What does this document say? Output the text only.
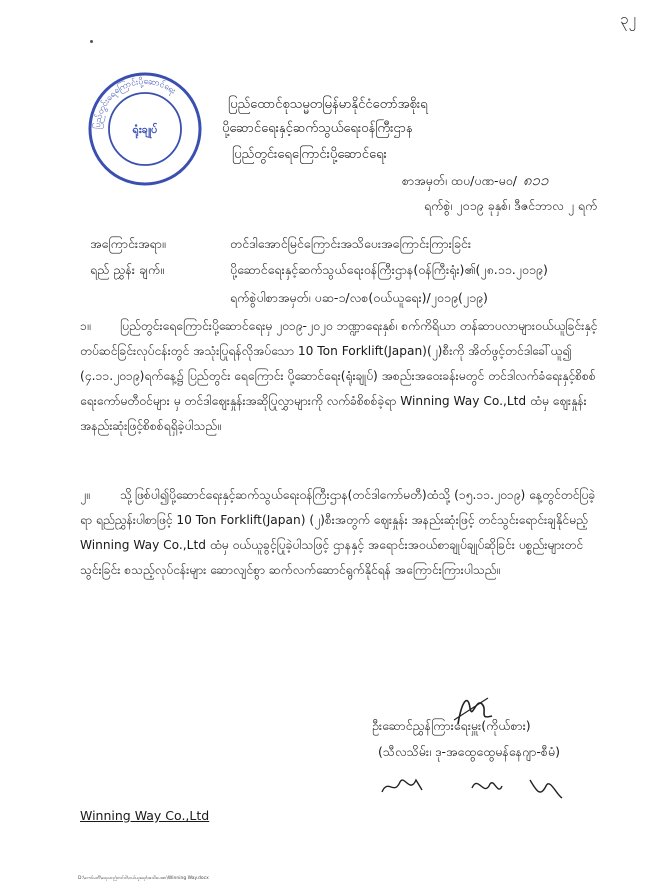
၃၂
ပြည်တွင်းရေကြောင်းပို့ဆောင်ရေး
ရုံးချုပ်
ပြည်ထောင်စုသမ္မတမြန်မာနိုင်ငံတော်အစိုးရ
ပို့ဆောင်ရေးနှင့်ဆက်သွယ်ရေးဝန်ကြီးဌာန
ပြည်တွင်းရေကြောင်းပို့ဆောင်ရေး
စာအမှတ်၊ ထပ/ပဏ-မဝ/ ၈၁၁
ရက်စွဲ၊ ၂၀၁၉ ခုနှစ်၊ ဒီဇင်ဘာလ ၂ ရက်
အကြောင်းအရာ။	တင်ဒါအောင်မြင်ကြောင်းအသိပေးအကြောင်းကြားခြင်း
ရည် ညွှန်း ချက်။	ပို့ဆောင်ရေးနှင့်ဆက်သွယ်ရေးဝန်ကြီးဌာန(ဝန်ကြီးရုံး)၏(၂၈.၁၁.၂၀၁၉)
ရက်စွဲပါစာအမှတ်၊ ပဆ-၁/လစ(ဝယ်ယူရေး)/၂၀၁၉(၂၁၉)
၁။ ပြည်တွင်းရေကြောင်းပို့ဆောင်ရေးမှ ၂၀၁၉-၂၀၂၀ ဘဏ္ဍာရေးနှစ်၊ စက်ကိရိယာ တန်ဆာပလာများဝယ်ယူခြင်းနှင့်တပ်ဆင်ခြင်းလုပ်ငန်းတွင် အသုံးပြုရန်လိုအပ်သော 10 Ton Forklift(Japan)(၂)စီးကို အိတ်ဖွင့်တင်ဒါခေါ်ယူ၍ (၄.၁၁.၂၀၁၉)ရက်နေ့၌ ပြည်တွင်း ရေကြောင်း ပို့ဆောင်ရေး(ရုံးချုပ်) အစည်းအဝေးခန်းမတွင် တင်ဒါလက်ခံရေးနှင့်စိစစ်ရေးကော်မတီဝင်များ မှ တင်ဒါဈေးနှုန်းအဆိုပြုလွှာများကို လက်ခံစိစစ်ခဲ့ရာ Winning Way Co.,Ltd ထံမှ ဈေးနှုန်း အနည်းဆုံးဖြင့်စိစစ်ရရှိခဲ့ပါသည်။
၂။ သို့ဖြစ်ပါ၍ပို့ဆောင်ရေးနှင့်ဆက်သွယ်ရေးဝန်ကြီးဌာန(တင်ဒါကော်မတီ)ထံသို့ (၁၅.၁၁.၂၀၁၉) နေ့တွင်တင်ပြခဲ့ရာ ရည်ညွှန်းပါစာဖြင့် 10 Ton Forklift(Japan) (၂)စီးအတွက် ဈေးနှုန်း အနည်းဆုံးဖြင့် တင်သွင်းရောင်းချနိုင်မည့် Winning Way Co.,Ltd ထံမှ ဝယ်ယူခွင့်ပြုခဲ့ပါသဖြင့် ဌာနနှင့် အရောင်းအဝယ်စာချုပ်ချုပ်ဆိုခြင်း ပစ္စည်းများတင်သွင်းခြင်း စသည့်လုပ်ငန်းများ ဆောလျင်စွာ ဆက်လက်ဆောင်ရွက်နိုင်ရန် အကြောင်းကြားပါသည်။
ဦးဆောင်ညွှန်ကြားရေးမှူး(ကိုယ်စား)
(သီလသိမ်း၊ ဒု-အထွေထွေမန်နေဂျာ-စီမံ)
Winning Way Co.,Ltd
D:\ကော်မတီ\ရေယာဉ\တင်ဒါ\ဝယ်ယူရေး\အသိပေးစာ\Winning Way.docx
